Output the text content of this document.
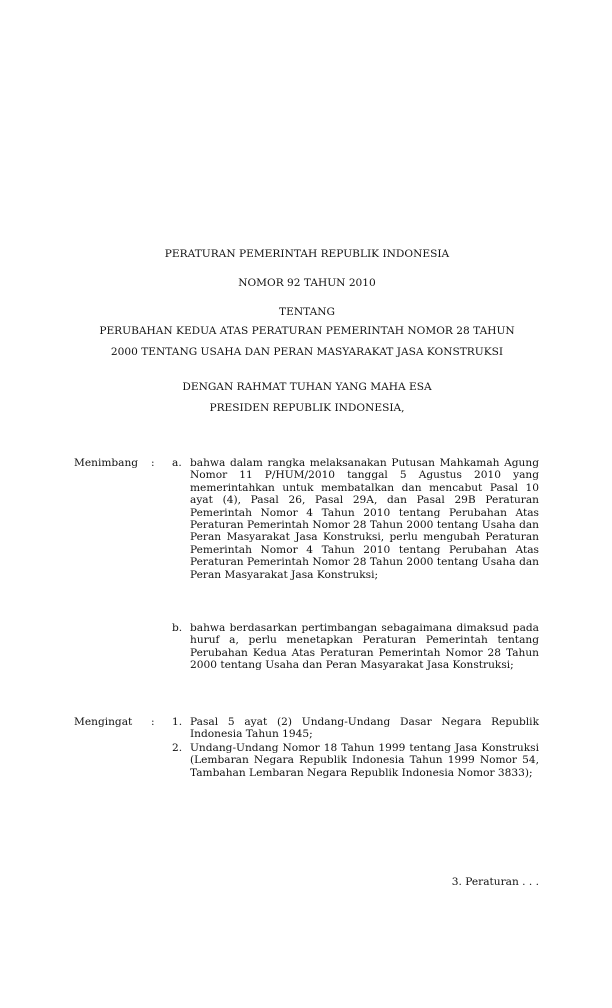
PERATURAN PEMERINTAH REPUBLIK INDONESIA
NOMOR 92 TAHUN 2010
TENTANG
PERUBAHAN KEDUA ATAS PERATURAN PEMERINTAH NOMOR 28 TAHUN
2000 TENTANG USAHA DAN PERAN MASYARAKAT JASA KONSTRUKSI
DENGAN RAHMAT TUHAN YANG MAHA ESA
PRESIDEN REPUBLIK INDONESIA,
Menimbang : a. bahwa dalam rangka melaksanakan Putusan Mahkamah Agung Nomor 11 P/HUM/2010 tanggal 5 Agustus 2010 yang memerintahkan untuk membatalkan dan mencabut Pasal 10 ayat (4), Pasal 26, Pasal 29A, dan Pasal 29B Peraturan Pemerintah Nomor 4 Tahun 2010 tentang Perubahan Atas Peraturan Pemerintah Nomor 28 Tahun 2000 tentang Usaha dan Peran Masyarakat Jasa Konstruksi, perlu mengubah Peraturan Pemerintah Nomor 4 Tahun 2010 tentang Perubahan Atas Peraturan Pemerintah Nomor 28 Tahun 2000 tentang Usaha dan Peran Masyarakat Jasa Konstruksi;
b. bahwa berdasarkan pertimbangan sebagaimana dimaksud pada huruf a, perlu menetapkan Peraturan Pemerintah tentang Perubahan Kedua Atas Peraturan Pemerintah Nomor 28 Tahun 2000 tentang Usaha dan Peran Masyarakat Jasa Konstruksi;
Mengingat : 1. Pasal 5 ayat (2) Undang-Undang Dasar Negara Republik Indonesia Tahun 1945;
2. Undang-Undang Nomor 18 Tahun 1999 tentang Jasa Konstruksi (Lembaran Negara Republik Indonesia Tahun 1999 Nomor 54, Tambahan Lembaran Negara Republik Indonesia Nomor 3833);
3. Peraturan . . .
